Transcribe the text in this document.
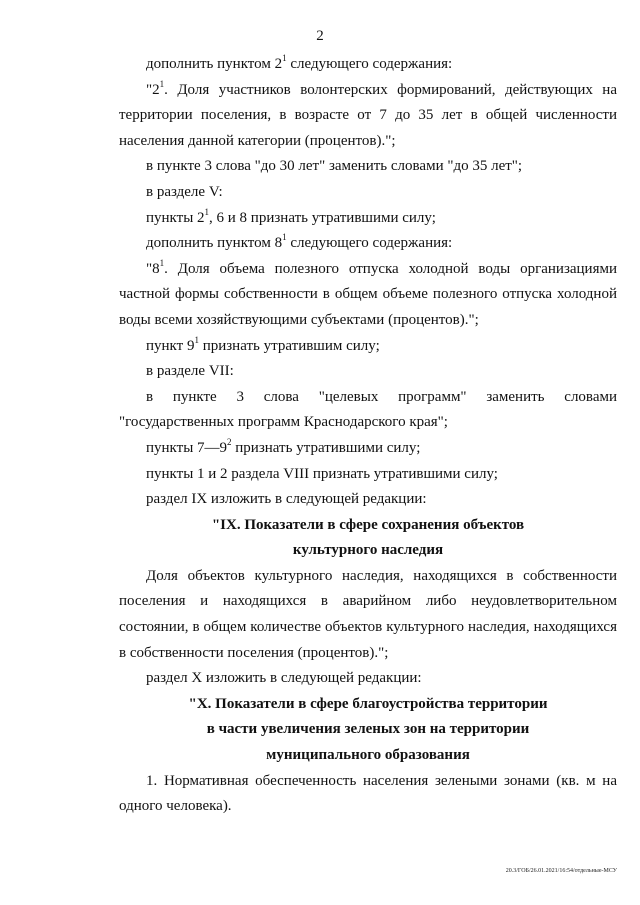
2

дополнить пунктом $2^1$ следующего содержания:

"$2^1$. Доля участников волонтерских формирований, действующих на территории поселения, в возрасте от 7 до 35 лет в общей численности населения данной категории (процентов).";

в пункте 3 слова "до 30 лет" заменить словами "до 35 лет";

в разделе V:

пункты $2^1$, 6 и 8 признать утратившими силу;

дополнить пунктом $8^1$ следующего содержания:

"$8^1$. Доля объема полезного отпуска холодной воды организациями частной формы собственности в общем объеме полезного отпуска холодной воды всеми хозяйствующими субъектами (процентов).";

пункт $9^1$ признать утратившим силу;

в разделе VII:

в пункте 3 слова "целевых программ" заменить словами "государственных программ Краснодарского края";

пункты $7—9^2$ признать утратившими силу;

пункты 1 и 2 раздела VIII признать утратившими силу;

раздел IX изложить в следующей редакции:

"IX. Показатели в сфере сохранения объектов

культурного наследия

Доля объектов культурного наследия, находящихся в собственности поселения и находящихся в аварийном либо неудовлетворительном состоянии, в общем количестве объектов культурного наследия, находящихся в собственности поселения (процентов).";

раздел X изложить в следующей редакции:

"X. Показатели в сфере благоустройства территории

в части увеличения зеленых зон на территории

муниципального образования

1. Нормативная обеспеченность населения зелеными зонами (кв. м на одного человека).

20.3/ГОБ/26.01.2021/16:54/отдельные-МСУ
